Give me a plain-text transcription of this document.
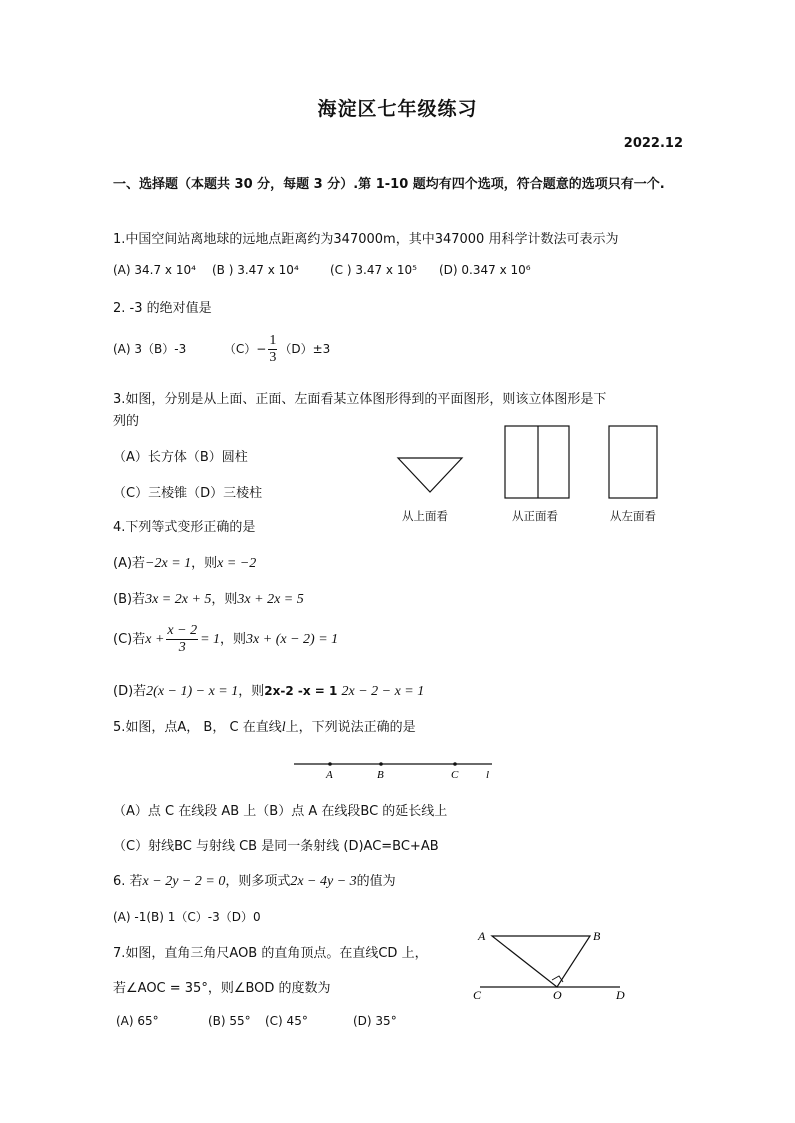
海淀区七年级练习
2022.12
一、选择题（本题共 30 分，每题 3 分）.第 1-10 题均有四个选项，符合题意的选项只有一个.
1.中国空间站离地球的远地点距离约为347000m，其中347000 用科学计数法可表示为
(A) 34.7 x 10⁴ (B ) 3.47 x 10⁴	(C ) 3.47 x 10⁵ (D) 0.347 x 10⁶
2. -3 的绝对值是
(A) 3（B）-3	$(C)- \frac{1}{3} (D)\pm 3$
3.如图，分别是从上面、正面、左面看某立体图形得到的平面图形，则该立体图形是下
列的
（A）长方体（B）圆柱
（C）三棱锥（D）三棱柱
从上面看	从正面看	从左面看
4.下列等式变形正确的是
(A)若−2x = 1，则x = −2
(B)若3x = 2x + 5，则3x + 2x = 5
(C)若$x + \frac{x - 2}{3} = 1$，则3x + (x − 2) = 1
(D)若2(x − 1) − x = 1，则2x-2 -x = 1 2x − 2 − x = 1
5.如图，点A， B， C 在直线l上，下列说法正确的是
A	B	C	l
（A）点 C 在线段 AB 上（B）点 A 在线段BC 的延长线上
（C）射线BC 与射线 CB 是同一条射线 (D)AC=BC+AB
6. 若x − 2y − 2 = 0，则多项式2x − 4y − 3的值为
(A) -1(B) 1（C）-3（D）0
7.如图，直角三角尺AOB 的直角顶点。在直线CD 上，
若∠AOC = 35°，则∠BOD 的度数为
A	B
C	O	D
(A) 65°	(B) 55° (C) 45°	(D) 35°
